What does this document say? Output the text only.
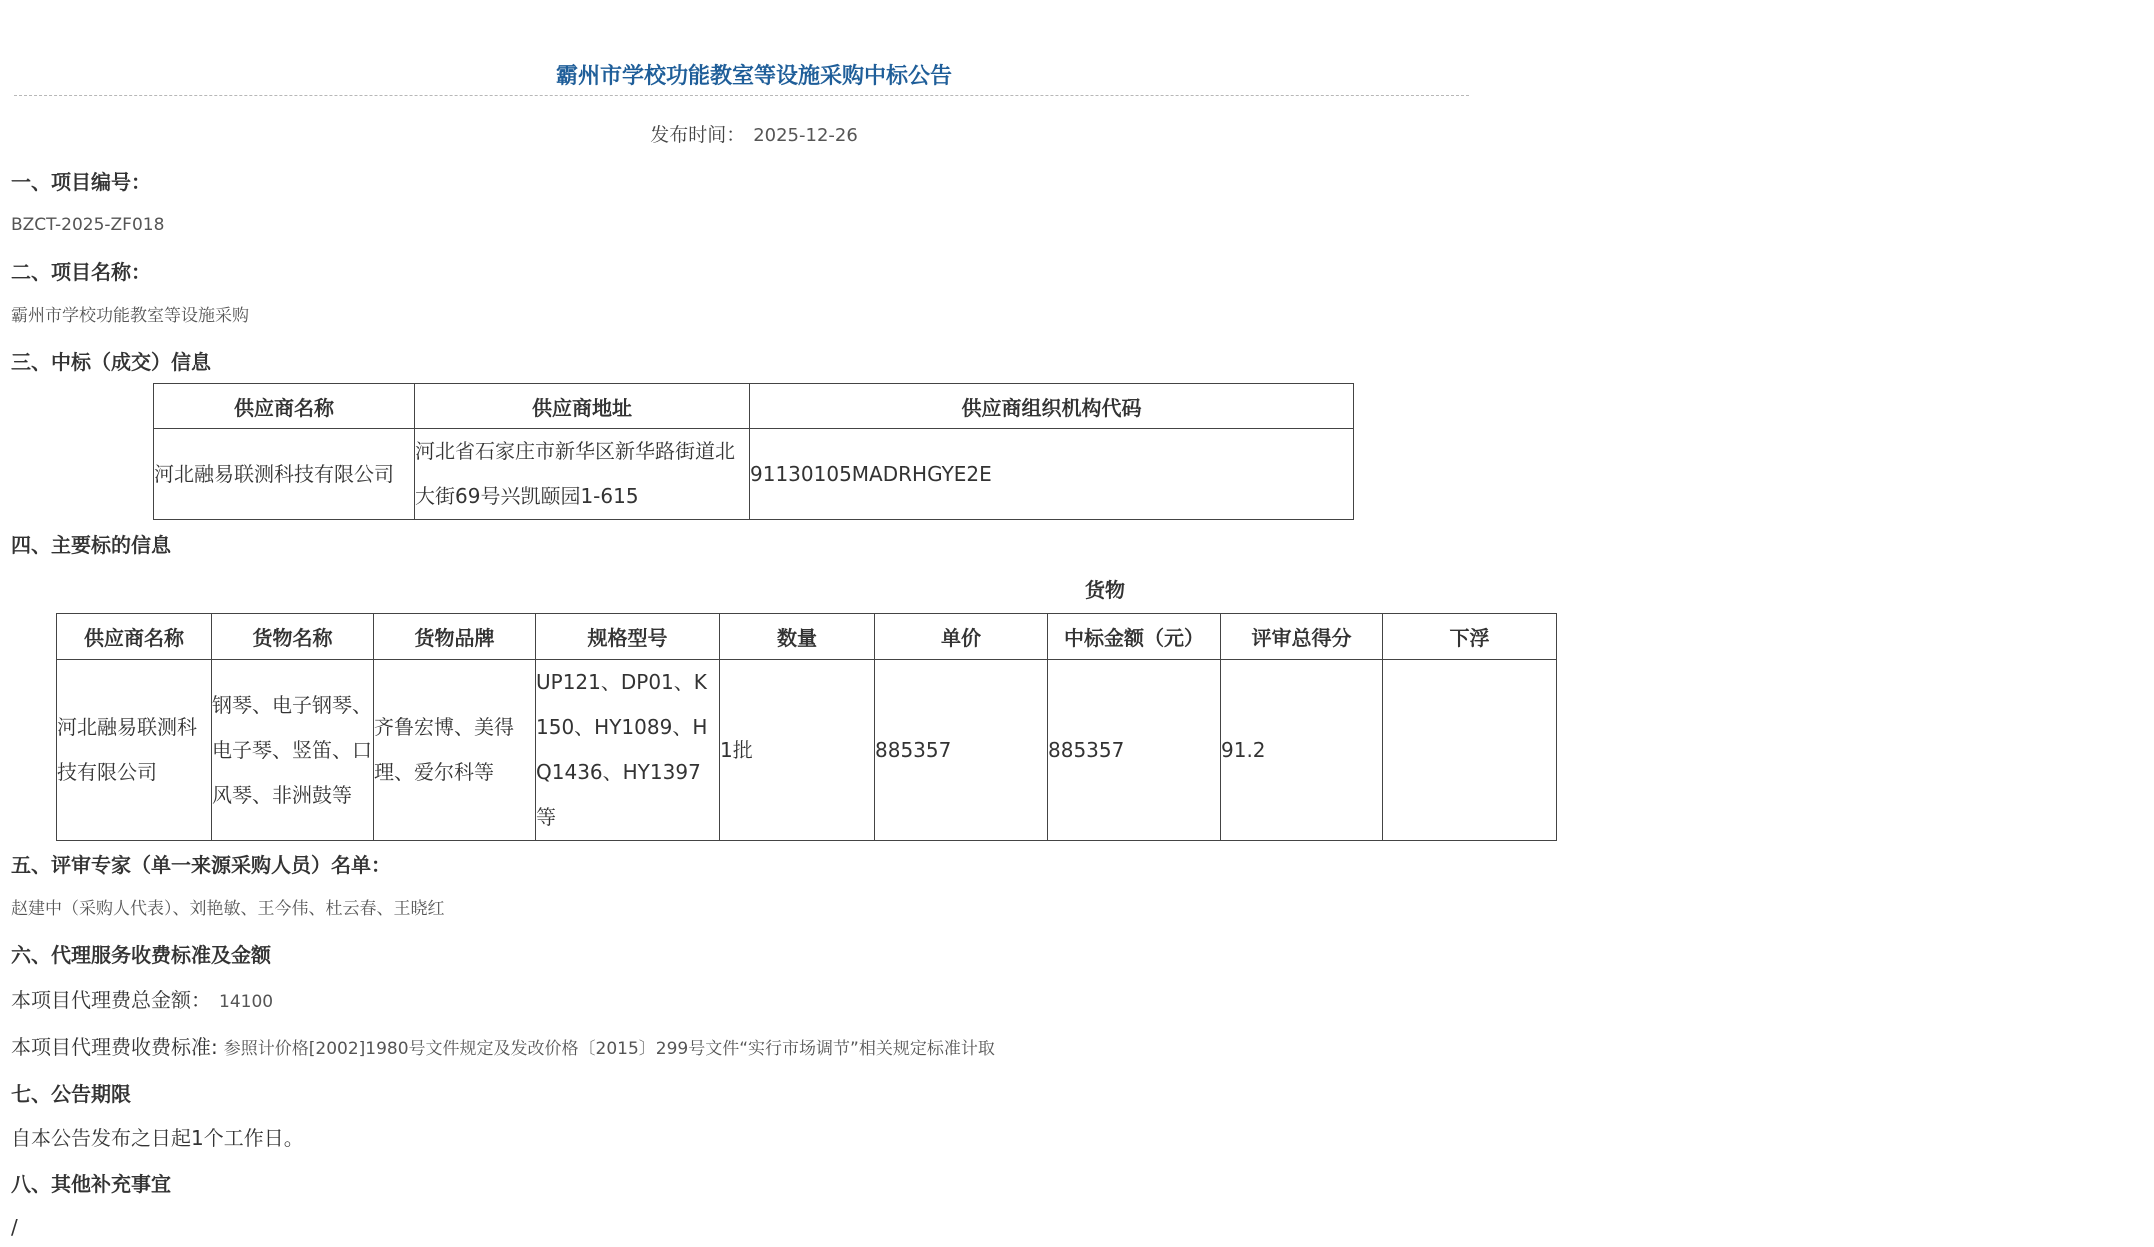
霸州市学校功能教室等设施采购中标公告
发布时间： 2025-12-26
一、项目编号：

BZCT-2025-ZF018

二、项目名称：

霸州市学校功能教室等设施采购

三、中标（成交）信息
供应商名称	供应商地址	供应商组织机构代码
河北融易联测科技有限公司	河北省石家庄市新华区新华路街道北大街69号兴凯颐园1-615	91130105MADRHGYE2E
四、主要标的信息
货物
供应商名称	货物名称	货物品牌	规格型号	数量	单价	中标金额（元）	评审总得分	下浮
河北融易联测科技有限公司	钢琴、电子钢琴、电子琴、竖笛、口风琴、非洲鼓等	齐鲁宏博、美得理、爱尔科等	UP121、DP01、K150、HY1089、HQ1436、HY1397等	1批	885357	885357	91.2	
五、评审专家（单一来源采购人员）名单：

赵建中（采购人代表）、刘艳敏、王今伟、杜云春、王晓红

六、代理服务收费标准及金额

本项目代理费总金额： 14100

本项目代理费收费标准: 参照计价格[2002]1980号文件规定及发改价格〔2015〕299号文件“实行市场调节”相关规定标准计取

七、公告期限

自本公告发布之日起1个工作日。

八、其他补充事宜

/
